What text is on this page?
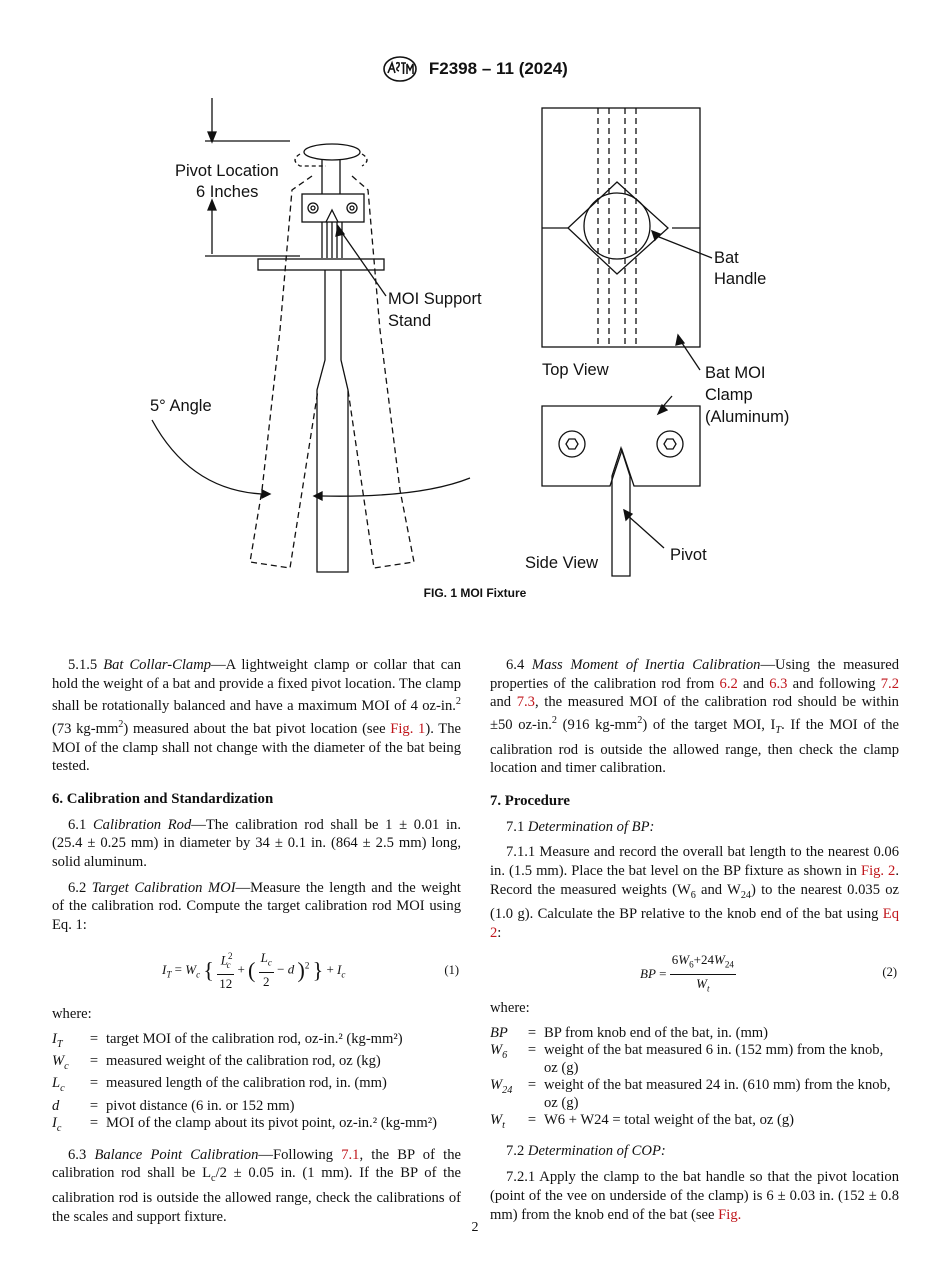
F2398 – 11 (2024)
Pivot Location
6 Inches
MOI Support
Stand
5° Angle
Top View
Bat
Handle
Bat MOI
Clamp
(Aluminum)
Side View	Pivot
FIG. 1 MOI Fixture

5.1.5 Bat Collar-Clamp—A lightweight clamp or collar that can hold the weight of a bat and provide a fixed pivot location. The clamp shall be rotationally balanced and have a maximum MOI of 4 oz-in.$^2$ (73 $kg-mm^2$) measured about the bat pivot location (see Fig. 1). The MOI of the clamp shall not change with the diameter of the bat being tested.

6. Calibration and Standardization

6.1 Calibration Rod—The calibration rod shall be 1 ± 0.01 in. (25.4 ± 0.25 mm) in diameter by 34 ± 0.1 in. (864 ± 2.5 mm) long, solid aluminum.

6.2 Target Calibration MOI—Measure the length and the weight of the calibration rod. Compute the target calibration rod MOI using Eq. 1:

$I_T = W_c$ { $\frac{L^2_c}{12}$ + ( $\frac{L_c}{2} - d$ )$^2$ } + $I_c$	(1)

where:

$I_T$	= target MOI of the calibration rod, oz-in.² (kg-mm²)
$W_c$	= measured weight of the calibration rod, oz (kg)
$L_c$	= measured length of the calibration rod, in. (mm)
d	= pivot distance (6 in. or 152 mm)
$I_c$	= MOI of the clamp about its pivot point, oz-in.² (kg-mm²)

6.3 Balance Point Calibration—Following 7.1, the BP of the calibration rod shall be $L_c/2 \pm 0.05$ in. (1 mm). If the BP of the calibration rod is outside the allowed range, check the calibrations of the scales and support fixture.

6.4 Mass Moment of Inertia Calibration—Using the measured properties of the calibration rod from 6.2 and 6.3 and following 7.2 and 7.3, the measured MOI of the calibration rod should be within ±50 oz-in.$^2$ (916 $kg-mm^2$) of the target MOI, $I_T$. If the MOI of the calibration rod is outside the allowed range, then check the clamp location and timer calibration.

7. Procedure

7.1 Determination of BP:

7.1.1 Measure and record the overall bat length to the nearest 0.06 in. (1.5 mm). Place the bat level on the BP fixture as shown in Fig. 2. Record the measured weights ($W_6$ and $W_{24}$) to the nearest 0.035 oz (1.0 g). Calculate the BP relative to the knob end of the bat using Eq 2:

BP = $\frac{6W_6+24W_{24}}{W_t}$	(2)

where:

BP	= BP from knob end of the bat, in. (mm)
$W_6$	= weight of the bat measured 6 in. (152 mm) from the knob, oz (g)
$W_{24}$	= weight of the bat measured 24 in. (610 mm) from the knob, oz (g)
$W_t$	= W6 + W24 = total weight of the bat, oz (g)

7.2 Determination of COP:

7.2.1 Apply the clamp to the bat handle so that the pivot location (point of the vee on underside of the clamp) is 6 ± 0.03 in. (152 ± 0.8 mm) from the knob end of the bat (see Fig.

2
